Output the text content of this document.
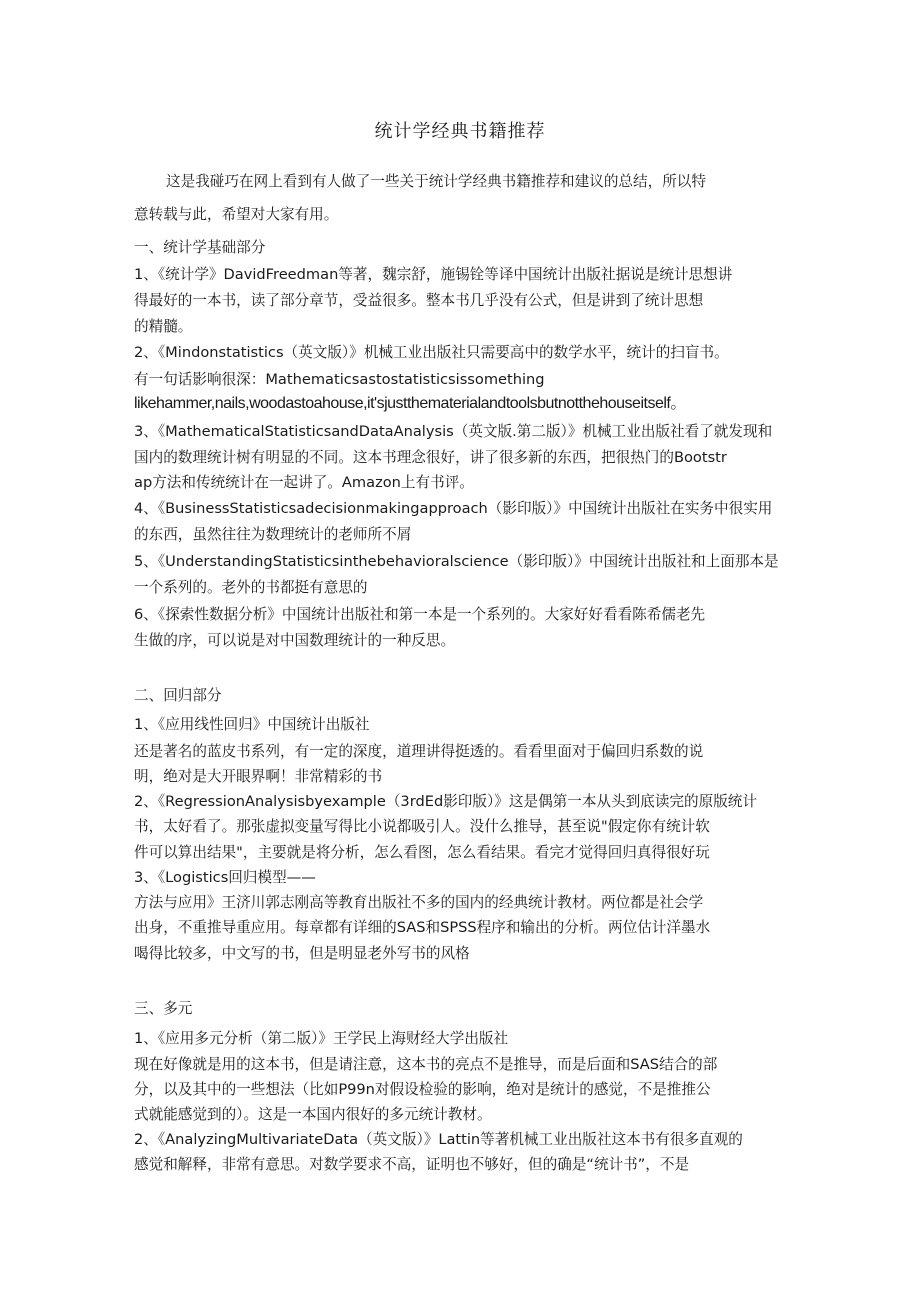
统计学经典书籍推荐
这是我碰巧在网上看到有人做了一些关于统计学经典书籍推荐和建议的总结，所以特
意转载与此，希望对大家有用。
一、统计学基础部分
1、《统计学》DavidFreedman等著，魏宗舒，施锡铨等译中国统计出版社据说是统计思想讲
得最好的一本书，读了部分章节，受益很多。整本书几乎没有公式，但是讲到了统计思想
的精髓。
2、《Mindonstatistics（英文版）》机械工业出版社只需要高中的数学水平，统计的扫盲书。
有一句话影响很深：Mathematicsastostatisticsissomething
likehammer,nails,woodastoahouse,it'sjustthematerialandtoolsbutnotthehouseitself。
3、《MathematicalStatisticsandDataAnalysis（英文版.第二版）》机械工业出版社看了就发现和
国内的数理统计树有明显的不同。这本书理念很好，讲了很多新的东西，把很热门的Bootstr
ap方法和传统统计在一起讲了。Amazon上有书评。
4、《BusinessStatisticsadecisionmakingapproach（影印版）》中国统计出版社在实务中很实用
的东西，虽然往往为数理统计的老师所不屑
5、《UnderstandingStatisticsinthebehavioralscience（影印版）》中国统计出版社和上面那本是
一个系列的。老外的书都挺有意思的
6、《探索性数据分析》中国统计出版社和第一本是一个系列的。大家好好看看陈希儒老先
生做的序，可以说是对中国数理统计的一种反思。
二、回归部分
1、《应用线性回归》中国统计出版社
还是著名的蓝皮书系列，有一定的深度，道理讲得挺透的。看看里面对于偏回归系数的说
明，绝对是大开眼界啊！非常精彩的书
2、《RegressionAnalysisbyexample（3rdEd影印版）》这是偶第一本从头到底读完的原版统计
书，太好看了。那张虚拟变量写得比小说都吸引人。没什么推导，甚至说"假定你有统计软
件可以算出结果"，主要就是将分析，怎么看图，怎么看结果。看完才觉得回归真得很好玩
3、《Logistics回归模型——
方法与应用》王济川郭志刚高等教育出版社不多的国内的经典统计教材。两位都是社会学
出身，不重推导重应用。每章都有详细的SAS和SPSS程序和输出的分析。两位估计洋墨水
喝得比较多，中文写的书，但是明显老外写书的风格
三、多元
1、《应用多元分析（第二版）》王学民上海财经大学出版社
现在好像就是用的这本书，但是请注意，这本书的亮点不是推导，而是后面和SAS结合的部
分，以及其中的一些想法（比如P99n对假设检验的影响，绝对是统计的感觉，不是推推公
式就能感觉到的）。这是一本国内很好的多元统计教材。
2、《AnalyzingMultivariateData（英文版）》Lattin等著机械工业出版社这本书有很多直观的
感觉和解释，非常有意思。对数学要求不高，证明也不够好，但的确是“统计书”，不是
